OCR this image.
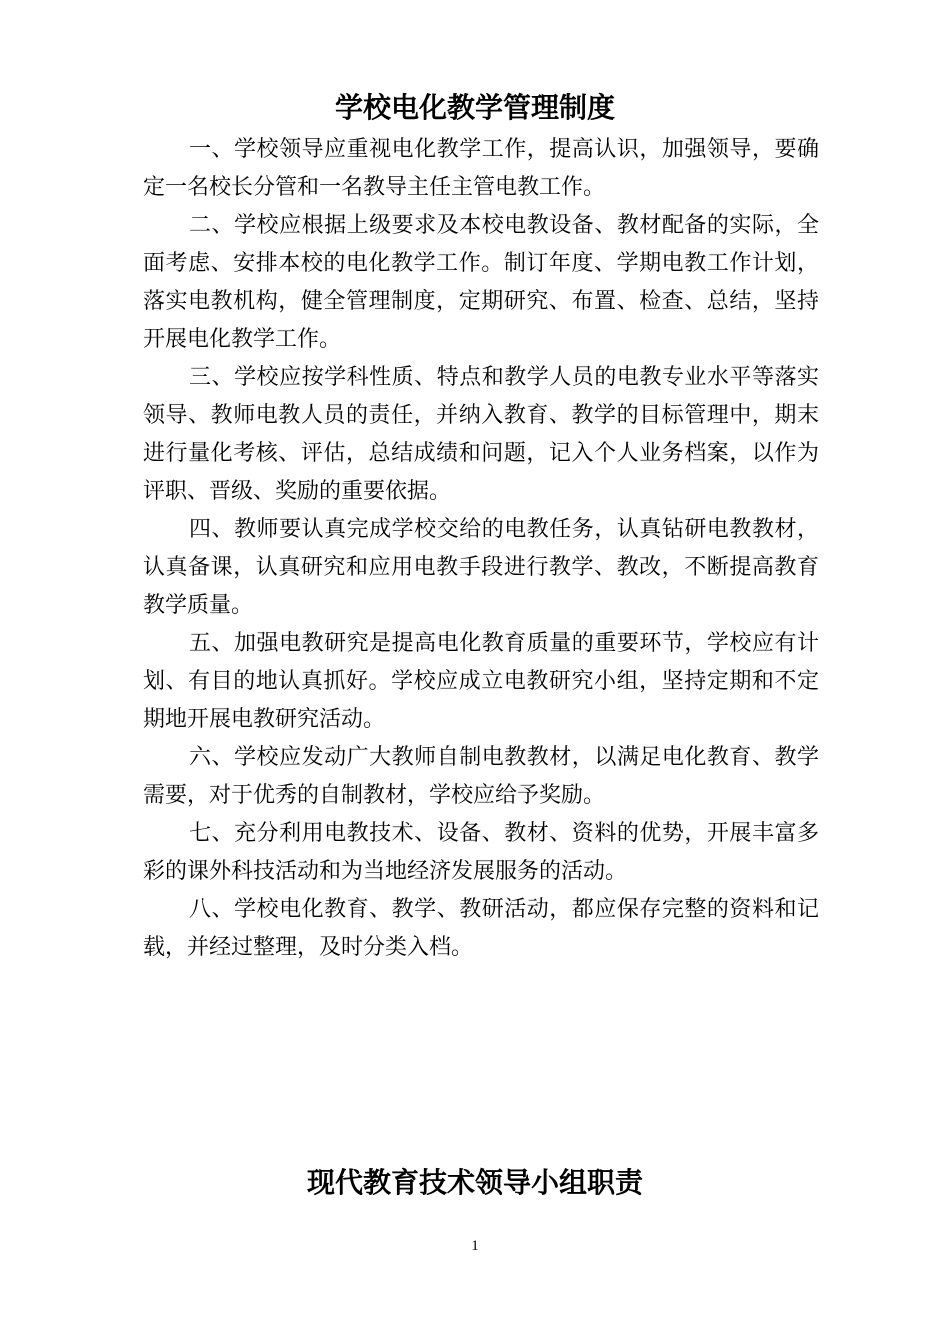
学校电化教学管理制度

一、学校领导应重视电化教学工作，提高认识，加强领导，要确定一名校长分管和一名教导主任主管电教工作。

二、学校应根据上级要求及本校电教设备、教材配备的实际，全面考虑、安排本校的电化教学工作。制订年度、学期电教工作计划，落实电教机构，健全管理制度，定期研究、布置、检查、总结，坚持开展电化教学工作。

三、学校应按学科性质、特点和教学人员的电教专业水平等落实领导、教师电教人员的责任，并纳入教育、教学的目标管理中，期末进行量化考核、评估，总结成绩和问题，记入个人业务档案，以作为评职、晋级、奖励的重要依据。

四、教师要认真完成学校交给的电教任务，认真钻研电教教材，认真备课，认真研究和应用电教手段进行教学、教改，不断提高教育教学质量。

五、加强电教研究是提高电化教育质量的重要环节，学校应有计划、有目的地认真抓好。学校应成立电教研究小组，坚持定期和不定期地开展电教研究活动。

六、学校应发动广大教师自制电教教材，以满足电化教育、教学需要，对于优秀的自制教材，学校应给予奖励。

七、充分利用电教技术、设备、教材、资料的优势，开展丰富多彩的课外科技活动和为当地经济发展服务的活动。

八、学校电化教育、教学、教研活动，都应保存完整的资料和记载，并经过整理，及时分类入档。

现代教育技术领导小组职责
1
